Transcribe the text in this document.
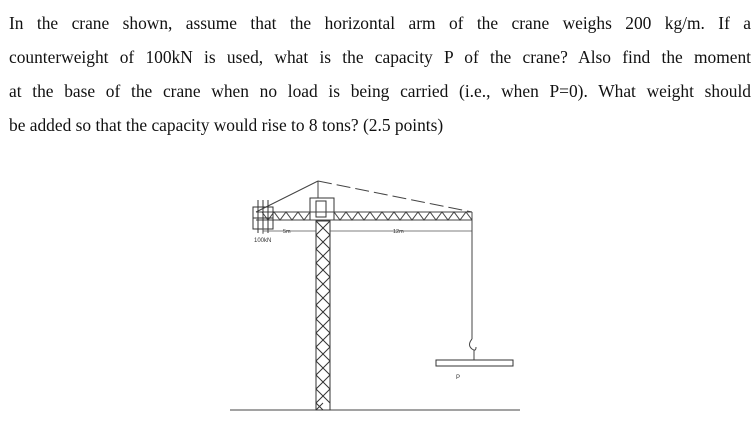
In the crane shown, assume that the horizontal arm of the crane weighs 200 kg/m. If a
counterweight of 100kN is used, what is the capacity P of the crane? Also find the moment
at the base of the crane when no load is being carried (i.e., when P=0). What weight should
be added so that the capacity would rise to 8 tons? (2.5 points)
100kN
5m	12m
P
